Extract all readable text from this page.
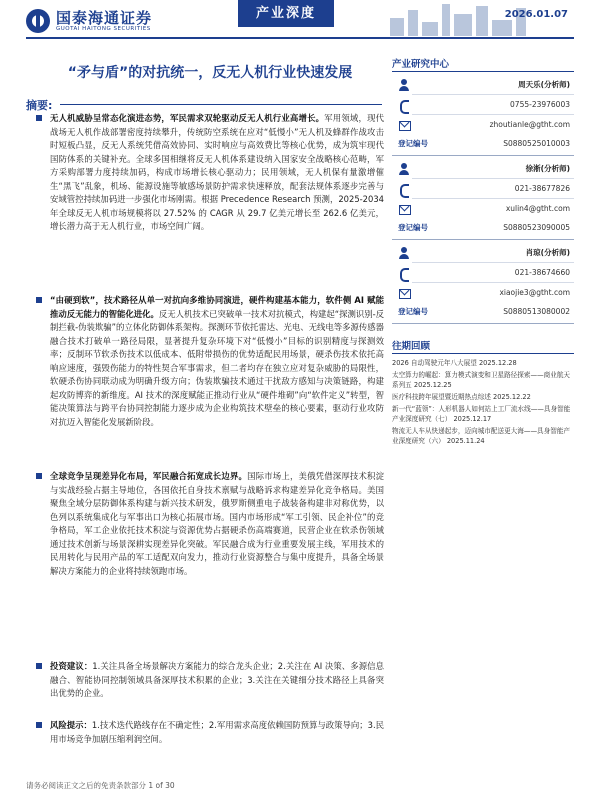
国泰海通证券
GUOTAI HAITONG SECURITIES
产业深度	2026.01.07
“矛与盾”的对抗统一，反无人机行业快速发展
摘要:
无人机威胁呈常态化演进态势，军民需求双轮驱动反无人机行业高增长。军用领域，现代战场无人机作战部署密度持续攀升，传统防空系统在应对“低慢小”无人机及蜂群作战攻击时短板凸显，反无人系统凭借高效协同、实时响应与高效费比等核心优势，成为筑牢现代国防体系的关键补充。全球多国相继将反无人机体系建设纳入国家安全战略核心范畴，军方采购部署力度持续加码，构成市场增长核心驱动力；民用领域，无人机保有量激增催生“黑飞”乱象，机场、能源设施等敏感场景防护需求快速释放，配套法规体系逐步完善与安域管控持续加码进一步强化市场刚需。根据 Precedence Research 预测，2025-2034 年全球反无人机市场规模将以 27.52% 的 CAGR 从 29.7 亿美元增长至 262.6 亿美元，增长潜力高于无人机行业，市场空间广阔。
“由硬到软”，技术路径从单一对抗向多维协同演进，硬件构建基本能力，软件侧 AI 赋能推动反无能力的智能化进化。反无人机技术已突破单一技术对抗模式，构建起“探测识别-反制拦截-伪装欺骗”的立体化防御体系架构。探测环节依托雷达、光电、无线电等多源传感器融合技术打破单一路径局限，显著提升复杂环境下对“低慢小”目标的识别精度与探测效率；反制环节软杀伤技术以低成本、低附带损伤的优势适配民用场景，硬杀伤技术依托高响应速度，强毁伤能力的特性契合军事需求，但二者均存在独立应对复杂威胁的局限性，软硬杀伤协同联动成为明确升级方向；伪装欺骗技术通过干扰敌方感知与决策链路，构建起攻防博弈的新维度。AI 技术的深度赋能正推动行业从“硬件堆砌”向“软件定义”转型，智能决策算法与跨平台协同控制能力逐步成为企业构筑技术壁垒的核心要素，驱动行业攻防对抗迈入智能化发展新阶段。
全球竞争呈现差异化布局，军民融合拓宽成长边界。国际市场上，美俄凭借深厚技术积淀与实战经验占据主导地位，各国依托自身技术禀赋与战略诉求构建差异化竞争格局。美国聚焦全域分层防御体系构建与新兴技术研发，俄罗斯侧重电子战装备构建非对称优势，以色列以系统集成化与军事出口为核心拓展市场。国内市场形成“军工引领、民企补位”的竞争格局，军工企业依托技术积淀与资源优势占据硬杀伤高端赛道，民营企业在软杀伤领域通过技术创新与场景深耕实现差异化突破。军民融合成为行业重要发展主线，军用技术的民用转化与民用产品的军工适配双向发力，推动行业资源整合与集中度提升，具备全场景解决方案能力的企业将持续领跑市场。
投资建议：1.关注具备全场景解决方案能力的综合龙头企业；2.关注在 AI 决策、多源信息融合、智能协同控制领域具备深厚技术积累的企业；3.关注在关键细分技术路径上具备突出优势的企业。
风险提示：1.技术迭代路线存在不确定性；2.军用需求高度依赖国防预算与政策导向；3.民用市场竞争加剧压缩利润空间。
产业研究中心
周天乐(分析师)
0755-23976003
zhoutianle@gtht.com
登记编号	S0880525010003
徐淅(分析师)
021-38677826
xulin4@gtht.com
登记编号	S0880523090005
肖琼(分析师)
021-38674660
xiaojie3@gtht.com
登记编号	S0880513080002
往期回顾
2026 自动驾驶元年八大展望 2025.12.28
太空算力的崛起：算力模式演变和卫星路径探索——商业航天系列五 2025.12.25
医疗科技跨年展望暨近期热点综述 2025.12.22
新一代“蓝领”：人形机器人如何站上工厂流水线——具身智能产业深度研究（七） 2025.12.17
物流无人车从快递起步，迈向城市配送更大海——具身智能产业深度研究（六） 2025.11.24
请务必阅读正文之后的免责条款部分 1 of 30
